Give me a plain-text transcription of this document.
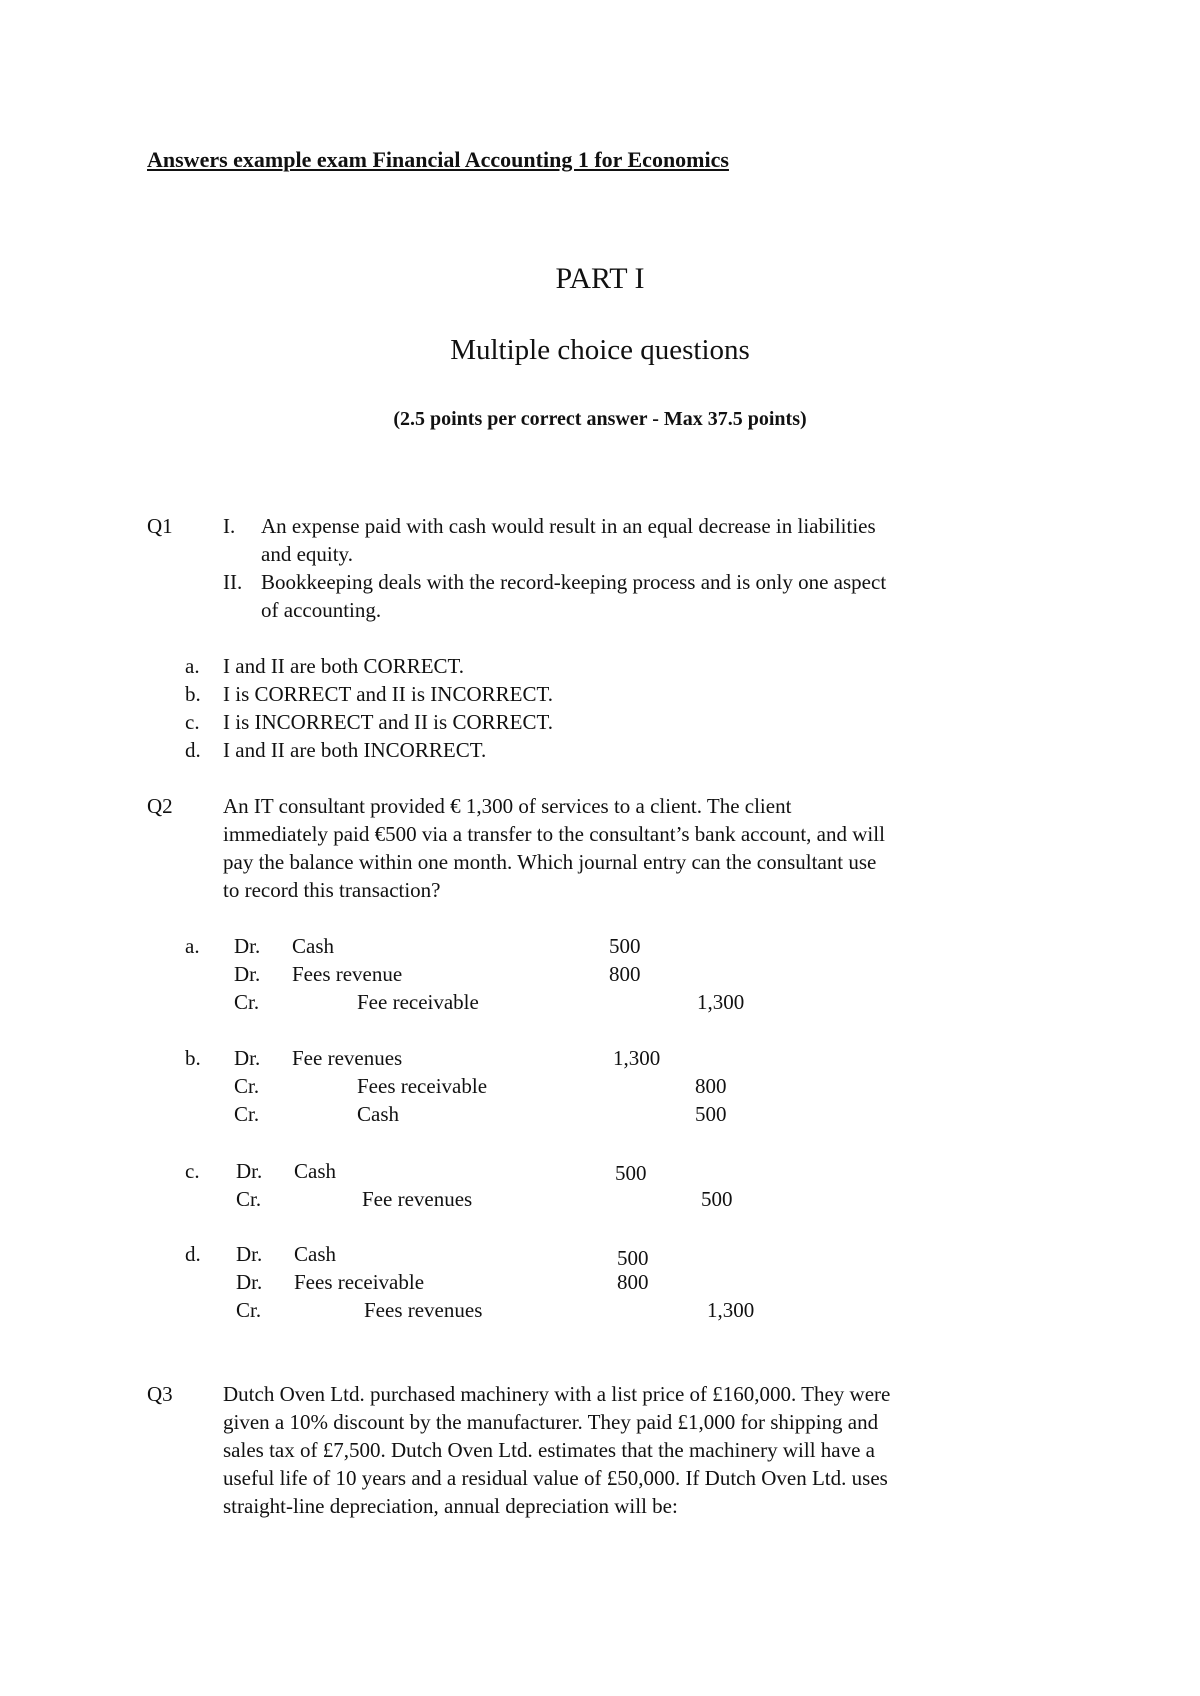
Answers example exam Financial Accounting 1 for Economics
PART I
Multiple choice questions
(2.5 points per correct answer - Max 37.5 points)
Q1 I. An expense paid with cash would result in an equal decrease in liabilities
and equity.
II. Bookkeeping deals with the record-keeping process and is only one aspect
of accounting.
a. I and II are both CORRECT.
b. I is CORRECT and II is INCORRECT.
c. I is INCORRECT and II is CORRECT.
d. I and II are both INCORRECT.
Q2 An IT consultant provided € 1,300 of services to a client. The client
immediately paid €500 via a transfer to the consultant’s bank account, and will
pay the balance within one month. Which journal entry can the consultant use
to record this transaction?
a. Dr. Cash	500
Dr. Fees revenue	800
Cr.	Fee receivable	1,300
b. Dr. Fee revenues	1,300
Cr.	Fees receivable	800
Cr.	Cash	500
c. Dr. Cash	500
Cr.	Fee revenues	500
d. Dr. Cash	500
Dr. Fees receivable	800
Cr.	Fees revenues	1,300
Q3 Dutch Oven Ltd. purchased machinery with a list price of £160,000. They were
given a 10% discount by the manufacturer. They paid £1,000 for shipping and
sales tax of £7,500. Dutch Oven Ltd. estimates that the machinery will have a
useful life of 10 years and a residual value of £50,000. If Dutch Oven Ltd. uses
straight-line depreciation, annual depreciation will be:
